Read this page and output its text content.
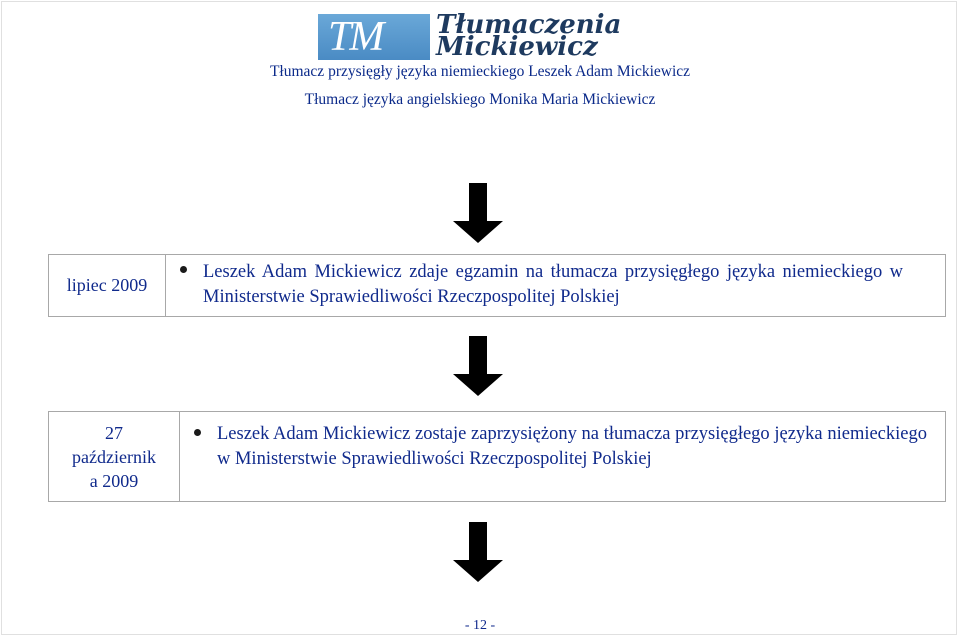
TM	Tłumaczenia
Mickiewicz
Tłumacz przysięgły języka niemieckiego Leszek Adam Mickiewicz
Tłumacz języka angielskiego Monika Maria Mickiewicz
lipiec 2009
Leszek Adam Mickiewicz zdaje egzamin na tłumacza przysięgłego języka niemieckiego w Ministerstwie Sprawiedliwości Rzeczpospolitej Polskiej
27
październik
a 2009
Leszek Adam Mickiewicz zostaje zaprzysiężony na tłumacza przysięgłego języka niemieckiego w Ministerstwie Sprawiedliwości Rzeczpospolitej Polskiej
- 12 -
